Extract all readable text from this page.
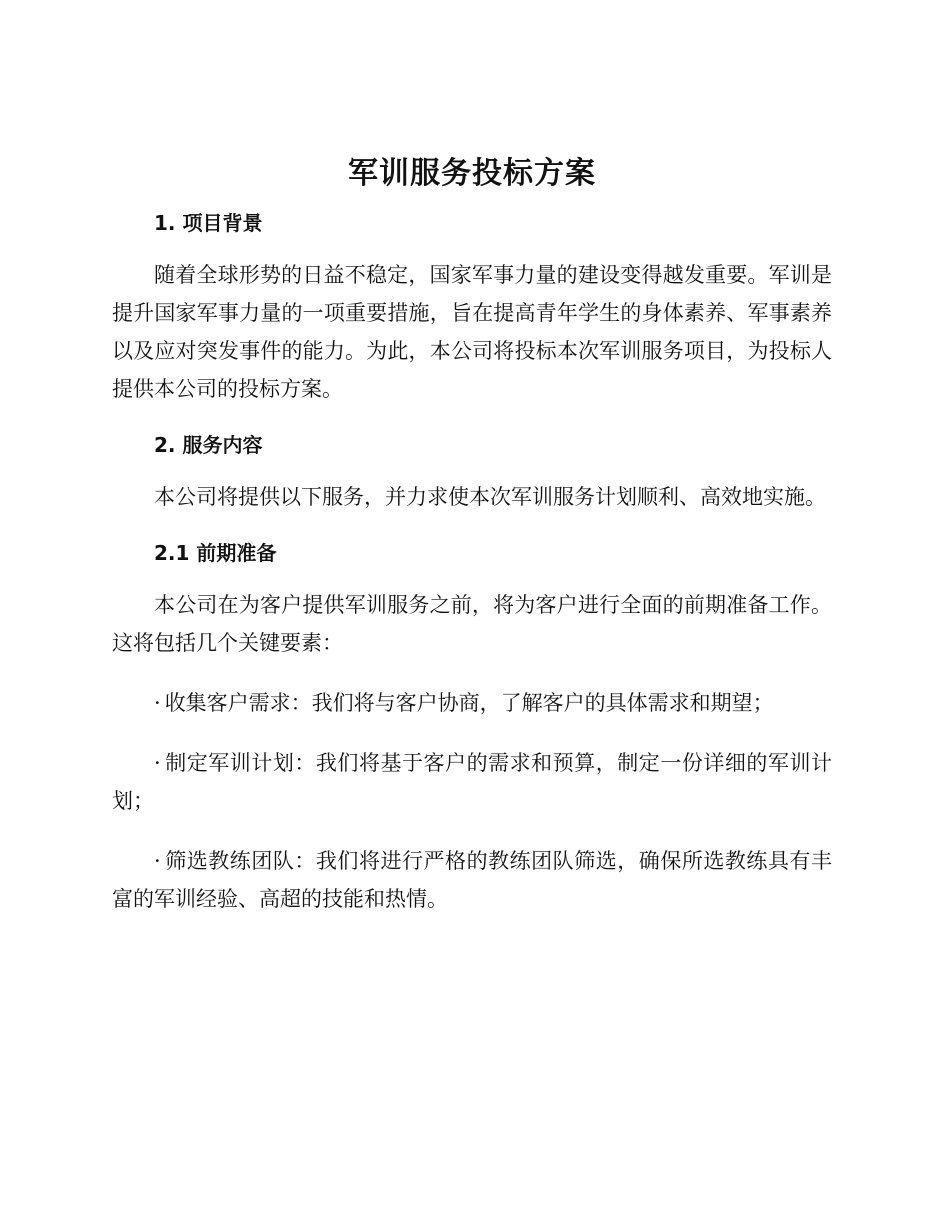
军训服务投标方案

1. 项目背景

随着全球形势的日益不稳定，国家军事力量的建设变得越发重要。军训是提升国家军事力量的一项重要措施，旨在提高青年学生的身体素养、军事素养以及应对突发事件的能力。为此，本公司将投标本次军训服务项目，为投标人提供本公司的投标方案。

2. 服务内容

本公司将提供以下服务，并力求使本次军训服务计划顺利、高效地实施。

2.1 前期准备

本公司在为客户提供军训服务之前，将为客户进行全面的前期准备工作。这将包括几个关键要素：

· 收集客户需求：我们将与客户协商，了解客户的具体需求和期望；

· 制定军训计划：我们将基于客户的需求和预算，制定一份详细的军训计划；

· 筛选教练团队：我们将进行严格的教练团队筛选，确保所选教练具有丰富的军训经验、高超的技能和热情。
